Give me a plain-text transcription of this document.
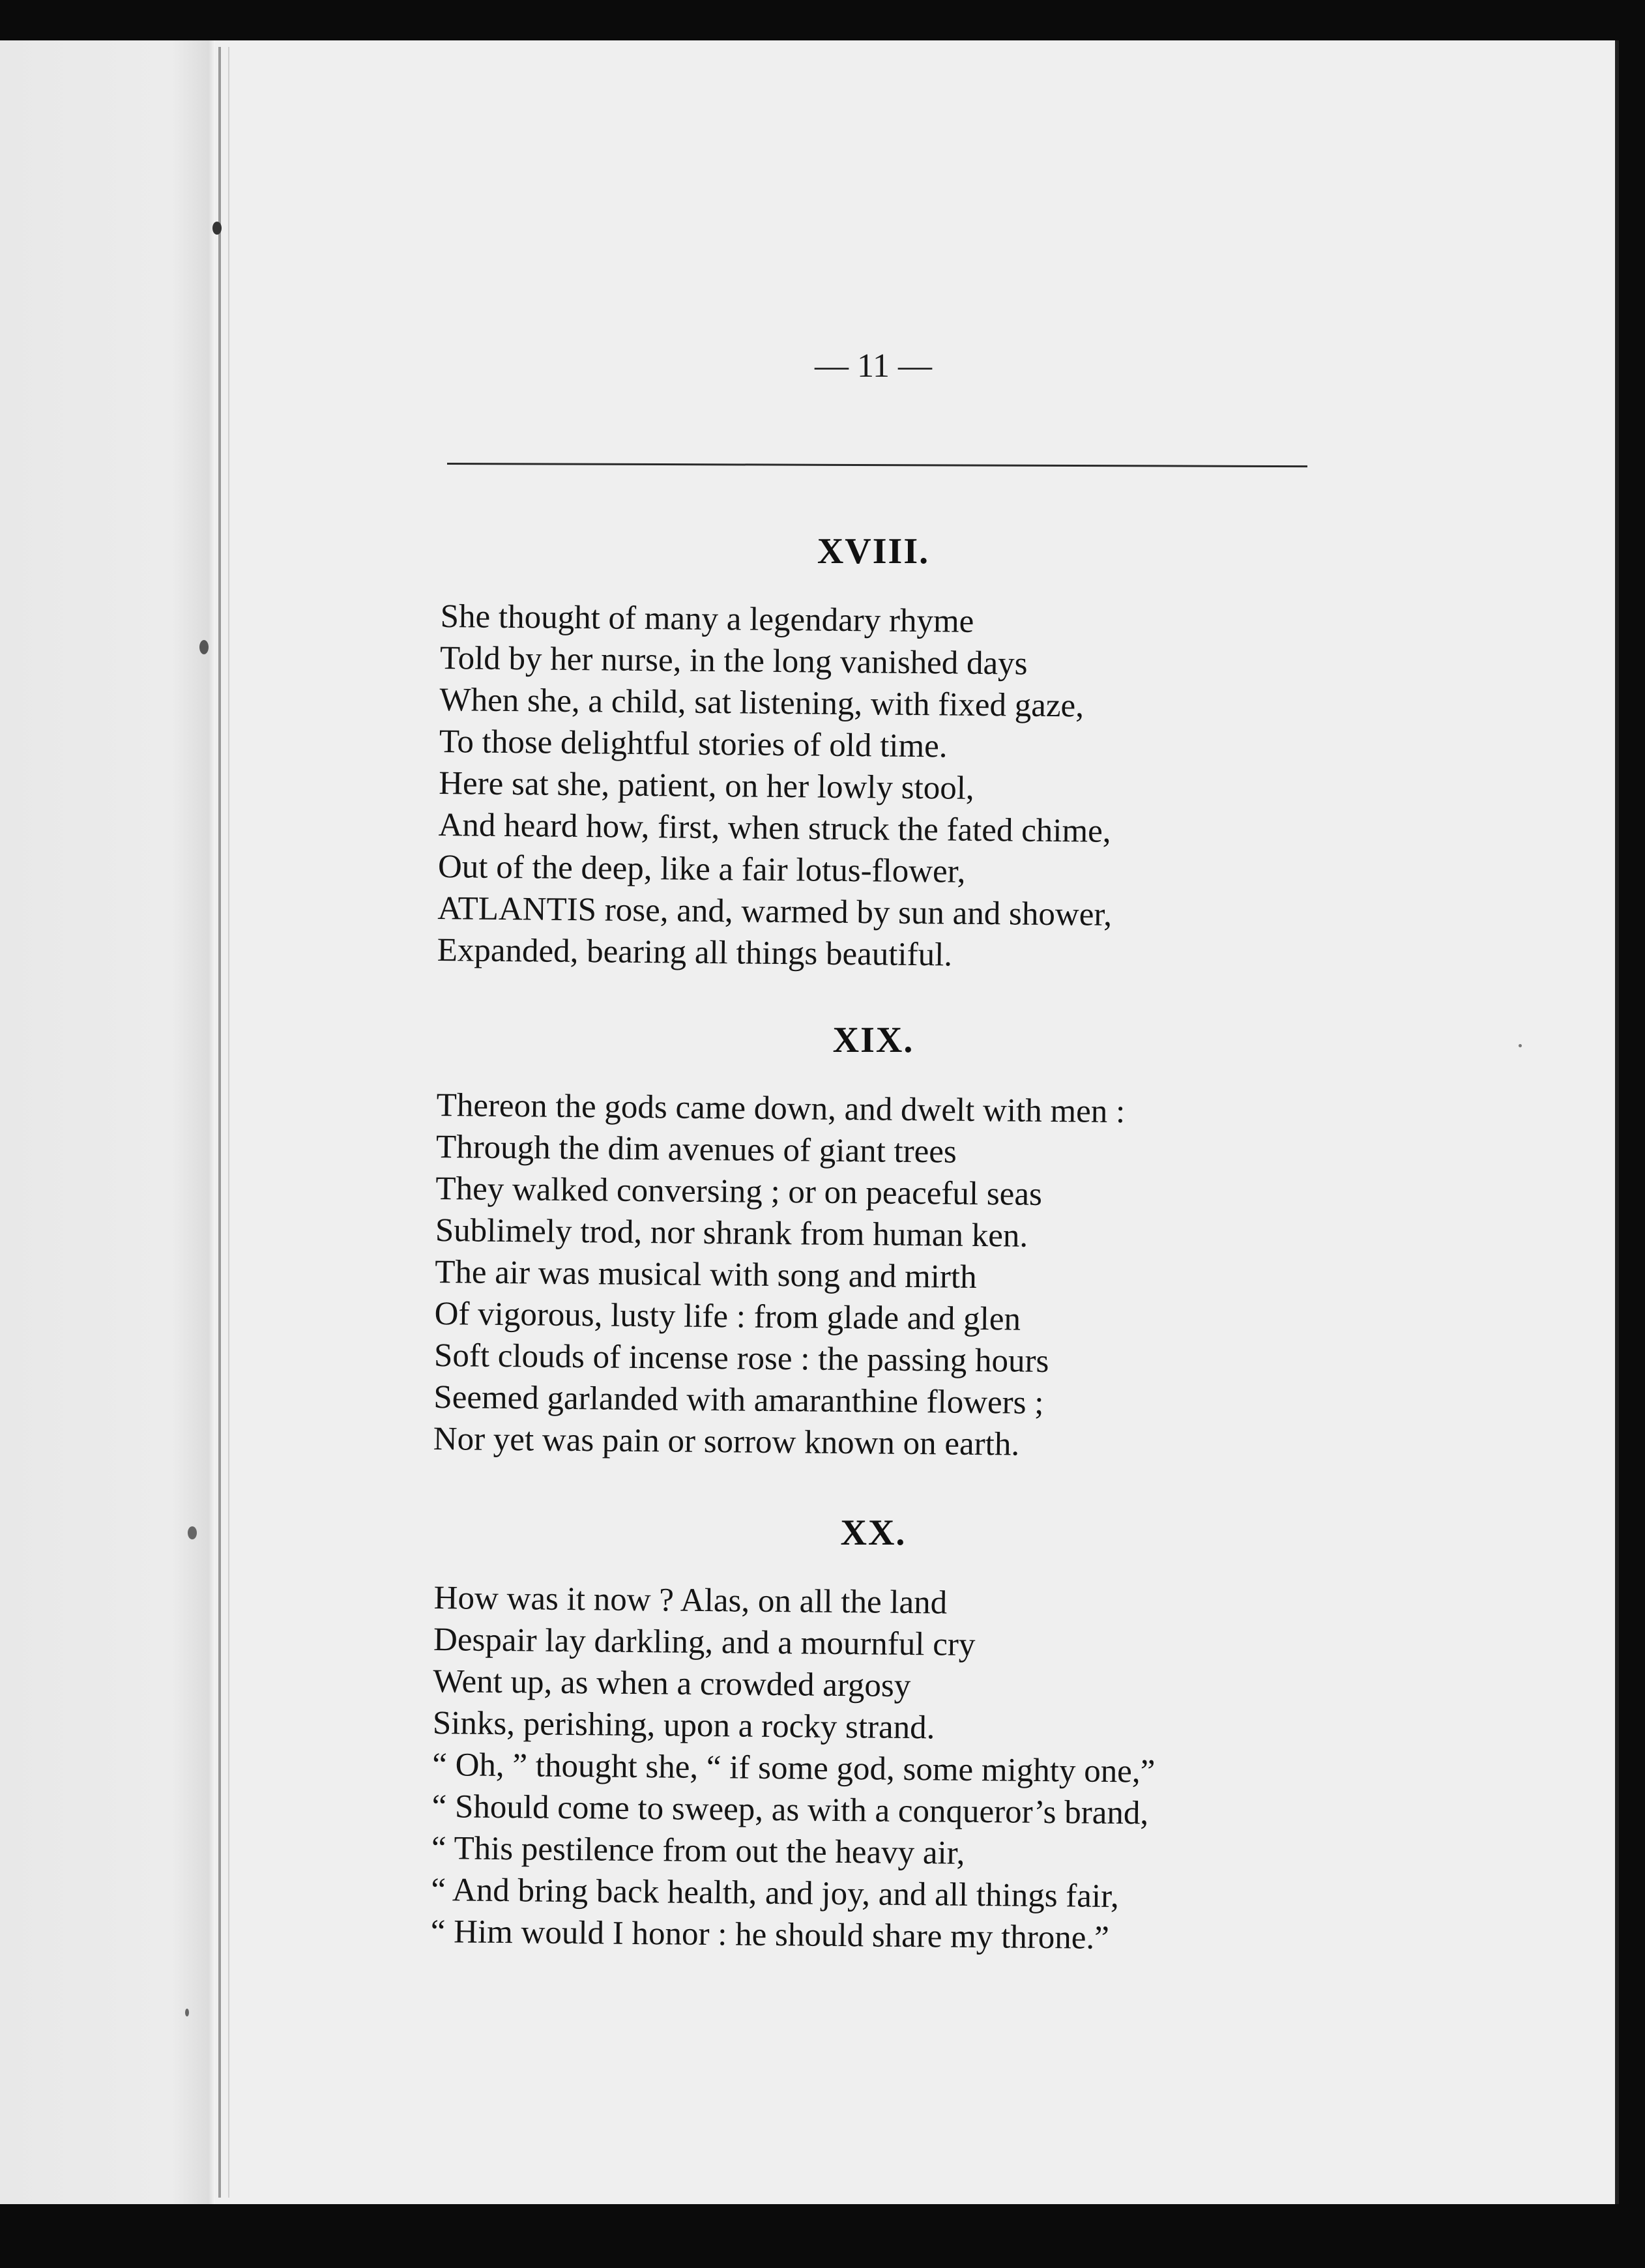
— 11 —
XVIII.
She thought of many a legendary rhyme
Told by her nurse, in the long vanished days
When she, a child, sat listening, with fixed gaze,
To those delightful stories of old time.
Here sat she, patient, on her lowly stool,
And heard how, first, when struck the fated chime,
Out of the deep, like a fair lotus-flower,
ATLANTIS rose, and, warmed by sun and shower,
Expanded, bearing all things beautiful.
XIX.
Thereon the gods came down, and dwelt with men :
Through the dim avenues of giant trees
They walked conversing ; or on peaceful seas
Sublimely trod, nor shrank from human ken.
The air was musical with song and mirth
Of vigorous, lusty life : from glade and glen
Soft clouds of incense rose : the passing hours
Seemed garlanded with amaranthine flowers ;
Nor yet was pain or sorrow known on earth.
XX.
How was it now ? Alas, on all the land
Despair lay darkling, and a mournful cry
Went up, as when a crowded argosy
Sinks, perishing, upon a rocky strand.
“ Oh, ” thought she, “ if some god, some mighty one,”
“ Should come to sweep, as with a conqueror’s brand,
“ This pestilence from out the heavy air,
“ And bring back health, and joy, and all things fair,
“ Him would I honor : he should share my throne.”
